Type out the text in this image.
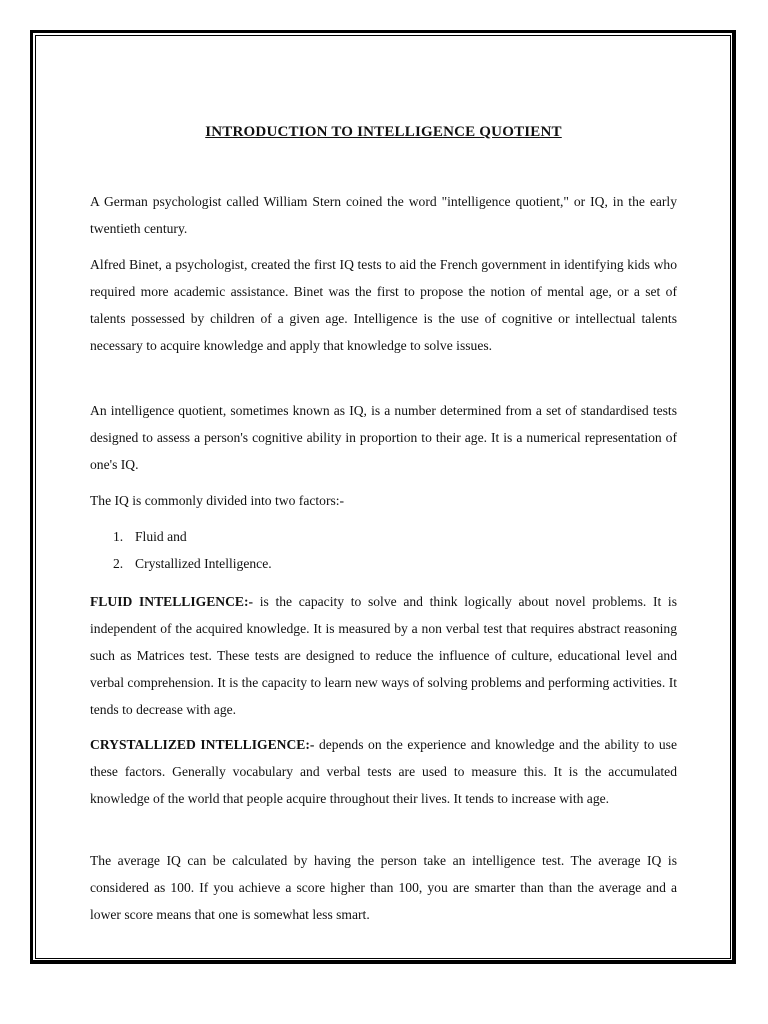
INTRODUCTION TO INTELLIGENCE QUOTIENT

A German psychologist called William Stern coined the word "intelligence quotient," or IQ, in the early twentieth century.

Alfred Binet, a psychologist, created the first IQ tests to aid the French government in identifying kids who required more academic assistance. Binet was the first to propose the notion of mental age, or a set of talents possessed by children of a given age. Intelligence is the use of cognitive or intellectual talents necessary to acquire knowledge and apply that knowledge to solve issues.

An intelligence quotient, sometimes known as IQ, is a number determined from a set of standardised tests designed to assess a person's cognitive ability in proportion to their age. It is a numerical representation of one's IQ.

The IQ is commonly divided into two factors:-

1. Fluid and
2. Crystallized Intelligence.

FLUID INTELLIGENCE:- is the capacity to solve and think logically about novel problems. It is independent of the acquired knowledge. It is measured by a non verbal test that requires abstract reasoning such as Matrices test. These tests are designed to reduce the influence of culture, educational level and verbal comprehension. It is the capacity to learn new ways of solving problems and performing activities. It tends to decrease with age.

CRYSTALLIZED INTELLIGENCE:- depends on the experience and knowledge and the ability to use these factors. Generally vocabulary and verbal tests are used to measure this. It is the accumulated knowledge of the world that people acquire throughout their lives. It tends to increase with age.

The average IQ can be calculated by having the person take an intelligence test. The average IQ is considered as 100. If you achieve a score higher than 100, you are smarter than than the average and a lower score means that one is somewhat less smart.
